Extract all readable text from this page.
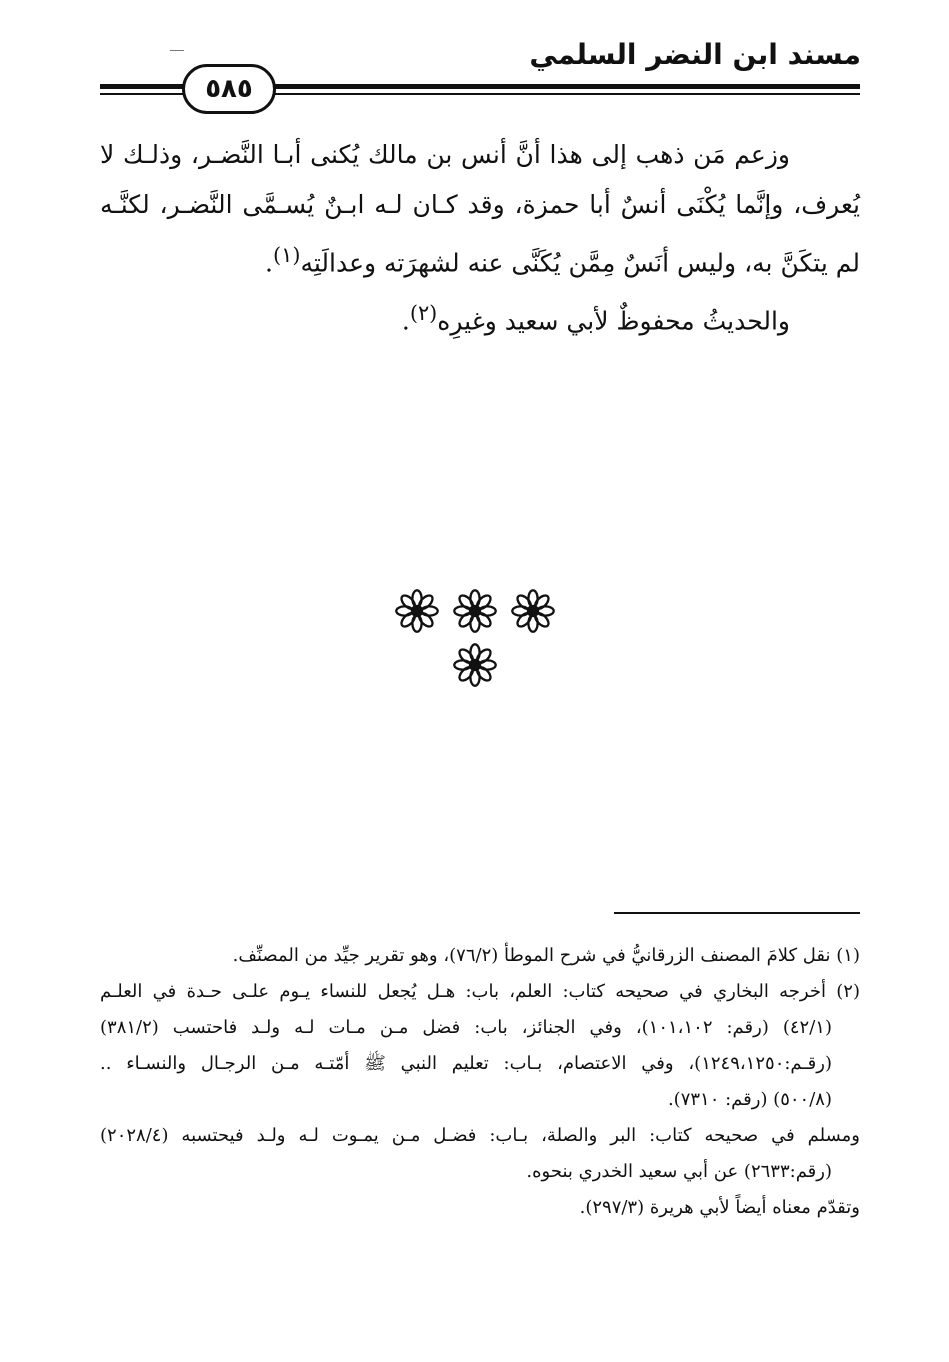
مسند ابن النضر السلمي
٥٨٥

وزعم مَن ذهب إلى هذا أنَّ أنس بن مالك يُكنى أبـا النَّضـر، وذلـك لا يُعرف، وإنَّما يُكْنَى أنسٌ أبا حمزة، وقد كـان لـه ابـنٌ يُسـمَّى النَّضـر، لكنَّـه لم يتكَنَّ به، وليس أنَسٌ مِمَّن يُكَنَّى عنه لشهرَته وعدالَتِه$^{(١)}$.

والحديثُ محفوظٌ لأبي سعيد وغيرِه$^{(٢)}$.

(١) نقل كلامَ المصنف الزرقانيُّ في شرح الموطأ (٧٦/٢)، وهو تقرير جيِّد من المصنِّف.

(٢) أخرجه البخاري في صحيحه كتاب: العلم، باب: هـل يُجعل للنساء يـوم علـى حـدة في العلـم
(٤٢/١) (رقم: ١٠١،١٠٢)، وفي الجنائز، باب: فضل مـن مـات لـه ولـد فاحتسب (٣٨١/٢)
(رقـم:١٢٤٩،١٢٥٠)، وفي الاعتصام، بـاب: تعليم النبي ﷺ أمّتـه مـن الرجـال والنسـاء ..
(٥٠٠/٨) (رقم: ٧٣١٠).
ومسلم في صحيحه كتاب: البر والصلة، بـاب: فضـل مـن يمـوت لـه ولـد فيحتسبه (٢٠٢٨/٤)
(رقم:٢٦٣٣) عن أبي سعيد الخدري بنحوه.
وتقدّم معناه أيضاً لأبي هريرة (٢٩٧/٣).
